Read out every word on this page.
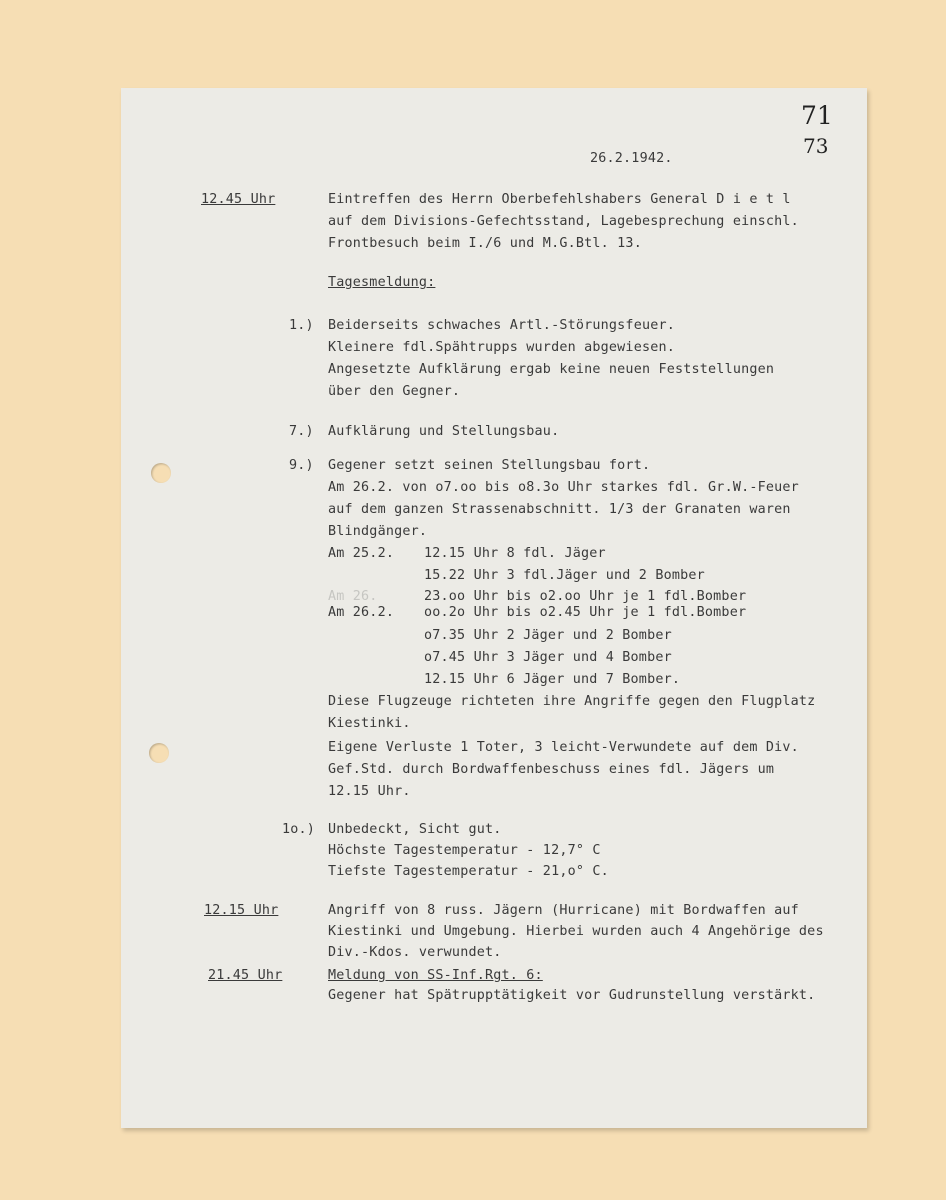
71
73
26.2.1942.
12.45 Uhr	Eintreffen des Herrn Oberbefehlshabers General D i e t l
auf dem Divisions-Gefechtsstand, Lagebesprechung einschl.
Frontbesuch beim I./6 und M.G.Btl. 13.
Tagesmeldung:
1.) Beiderseits schwaches Artl.-Störungsfeuer.
Kleinere fdl.Spähtrupps wurden abgewiesen.
Angesetzte Aufklärung ergab keine neuen Feststellungen
über den Gegner.
7.) Aufklärung und Stellungsbau.
9.) Gegener setzt seinen Stellungsbau fort.
Am 26.2. von o7.oo bis o8.3o Uhr starkes fdl. Gr.W.-Feuer
auf dem ganzen Strassenabschnitt. 1/3 der Granaten waren
Blindgänger.
Am 25.2. 12.15 Uhr 8 fdl. Jäger
15.22 Uhr 3 fdl.Jäger und 2 Bomber
Am 26.	23.oo Uhr bis o2.oo Uhr je 1 fdl.Bomber
Am 26.2. oo.2o Uhr bis o2.45 Uhr je 1 fdl.Bomber
o7.35 Uhr 2 Jäger und 2 Bomber
o7.45 Uhr 3 Jäger und 4 Bomber
12.15 Uhr 6 Jäger und 7 Bomber.
Diese Flugzeuge richteten ihre Angriffe gegen den Flugplatz
Kiestinki.
Eigene Verluste 1 Toter, 3 leicht-Verwundete auf dem Div.
Gef.Std. durch Bordwaffenbeschuss eines fdl. Jägers um
12.15 Uhr.
1o.) Unbedeckt, Sicht gut.
Höchste Tagestemperatur - 12,7° C
Tiefste Tagestemperatur - 21,o° C.
12.15 Uhr	Angriff von 8 russ. Jägern (Hurricane) mit Bordwaffen auf
Kiestinki und Umgebung. Hierbei wurden auch 4 Angehörige des
Div.-Kdos. verwundet.
21.45 Uhr	Meldung von SS-Inf.Rgt. 6:
Gegener hat Spätrupptätigkeit vor Gudrunstellung verstärkt.
